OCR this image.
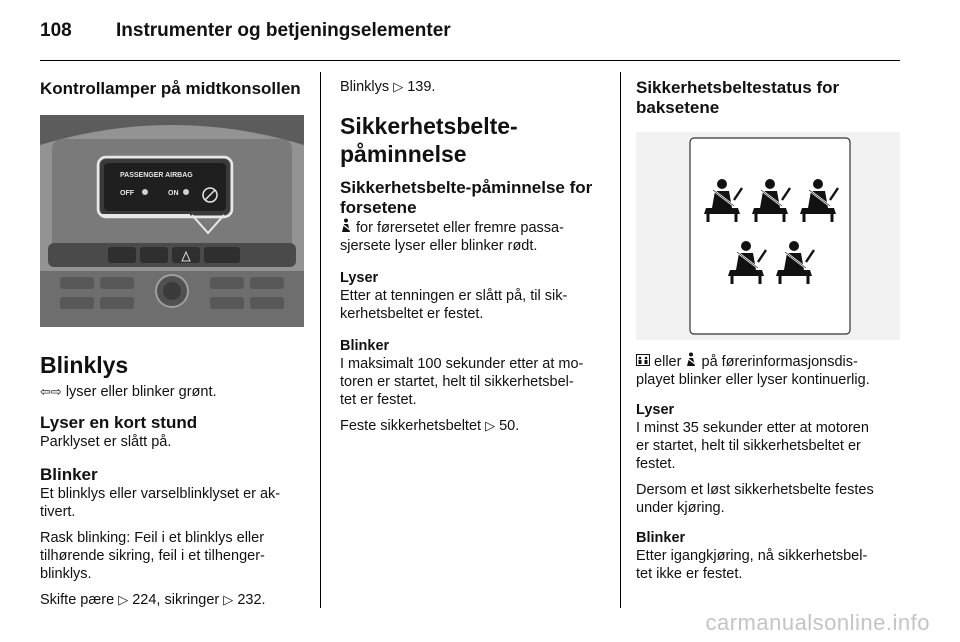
108 Instrumenter og betjeningselementer

Kontrollamper på midtkonsollen

PASSENGER AIRBAG
OFF	ON

Blinklys

⇦⇨ lyser eller blinker grønt.

Lyser en kort stund

Parklyset er slått på.

Blinker

Et blinklys eller varselblinklyset er ak-

tivert.

Rask blinking: Feil i et blinklys eller

tilhørende sikring, feil i et tilhenger-

blinklys.

Skifte pære ▷ 224, sikringer ▷ 232.

Blinklys ▷ 139.

Sikkerhetsbelte-

påminnelse

Sikkerhetsbelte-påminnelse for

forsetene

for førersetet eller fremre passa-

sjersete lyser eller blinker rødt.

Lyser

Etter at tenningen er slått på, til sik-

kerhetsbeltet er festet.

Blinker

I maksimalt 100 sekunder etter at mo-

toren er startet, helt til sikkerhetsbel-

tet er festet.

Feste sikkerhetsbeltet ▷ 50.

Sikkerhetsbeltestatus for

baksetene

eller på førerinformasjonsdis-

playet blinker eller lyser kontinuerlig.

Lyser

I minst 35 sekunder etter at motoren

er startet, helt til sikkerhetsbeltet er

festet.

Dersom et løst sikkerhetsbelte festes

under kjøring.

Blinker

Etter igangkjøring, nå sikkerhetsbel-

tet ikke er festet.

carmanualsonline.info
